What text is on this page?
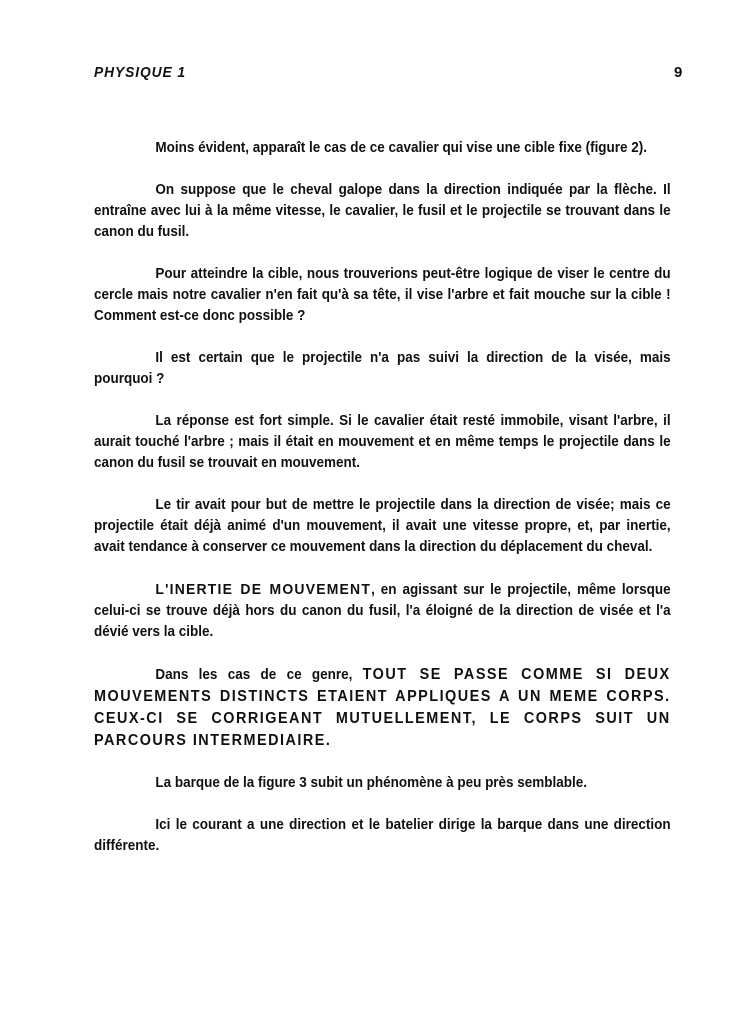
PHYSIQUE 1	9

Moins évident, apparaît le cas de ce cavalier qui vise une cible fixe (figure 2).

On suppose que le cheval galope dans la direction indiquée par la flèche. Il entraîne avec lui à la même vitesse, le cavalier, le fusil et le projectile se trouvant dans le canon du fusil.

Pour atteindre la cible, nous trouverions peut-être logique de viser le centre du cercle mais notre cavalier n'en fait qu'à sa tête, il vise l'arbre et fait mouche sur la cible ! Comment est-ce donc possible ?

Il est certain que le projectile n'a pas suivi la direction de la visée, mais pourquoi ?

La réponse est fort simple. Si le cavalier était resté immobile, visant l'arbre, il aurait touché l'arbre ; mais il était en mouvement et en même temps le projectile dans le canon du fusil se trouvait en mouvement.

Le tir avait pour but de mettre le projectile dans la direction de visée; mais ce projectile était déjà animé d'un mouvement, il avait une vitesse propre, et, par inertie, avait tendance à conserver ce mouvement dans la direction du déplacement du cheval.

L'INERTIE DE MOUVEMENT, en agissant sur le projectile, même lorsque celui-ci se trouve déjà hors du canon du fusil, l'a éloigné de la direction de visée et l'a dévié vers la cible.

Dans les cas de ce genre, TOUT SE PASSE COMME SI DEUX MOUVEMENTS DISTINCTS ETAIENT APPLIQUES A UN MEME CORPS. CEUX-CI SE CORRIGEANT MUTUELLEMENT, LE CORPS SUIT UN PARCOURS INTERMEDIAIRE.

La barque de la figure 3 subit un phénomène à peu près semblable.

Ici le courant a une direction et le batelier dirige la barque dans une direction différente.
